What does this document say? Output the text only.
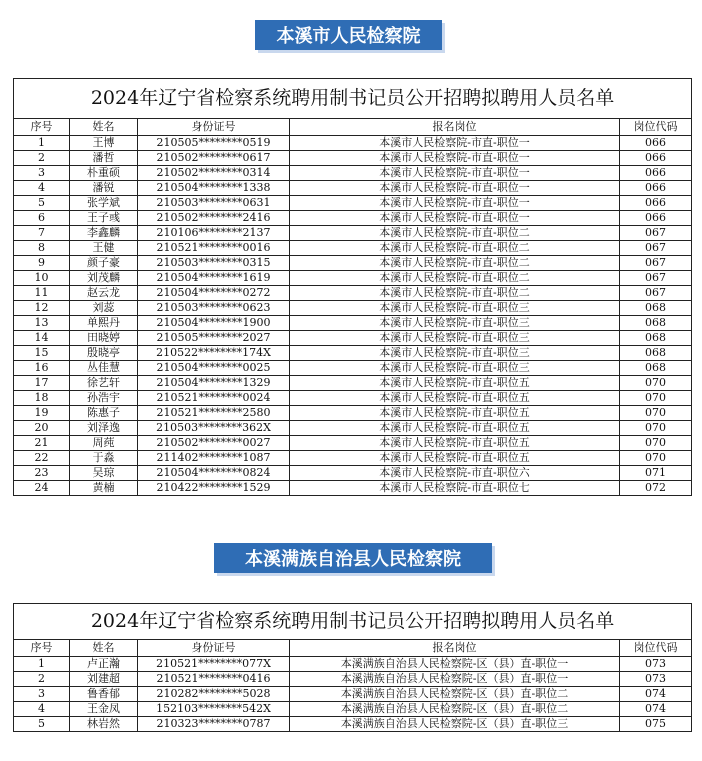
本溪市人民检察院
2024年辽宁省检察系统聘用制书记员公开招聘拟聘用人员名单				
序号	姓名	身份证号	报名岗位	岗位代码
1	王博	210505********0519	本溪市人民检察院-市直-职位一	066
2	潘哲	210502********0617	本溪市人民检察院-市直-职位一	066
3	朴重硕	210502********0314	本溪市人民检察院-市直-职位一	066
4	潘锐	210504********1338	本溪市人民检察院-市直-职位一	066
5	张学斌	210503********0631	本溪市人民检察院-市直-职位一	066
6	王子彧	210502********2416	本溪市人民检察院-市直-职位一	066
7	李鑫麟	210106********2137	本溪市人民检察院-市直-职位二	067
8	王健	210521********0016	本溪市人民检察院-市直-职位二	067
9	颜子豪	210503********0315	本溪市人民检察院-市直-职位二	067
10	刘茂麟	210504********1619	本溪市人民检察院-市直-职位二	067
11	赵云龙	210504********0272	本溪市人民检察院-市直-职位二	067
12	刘蕊	210503********0623	本溪市人民检察院-市直-职位三	068
13	单熙丹	210504********1900	本溪市人民检察院-市直-职位三	068
14	田晓婷	210505********2027	本溪市人民检察院-市直-职位三	068
15	殷晓亭	210522********174X	本溪市人民检察院-市直-职位三	068
16	丛佳慧	210504********0025	本溪市人民检察院-市直-职位三	068
17	徐艺轩	210504********1329	本溪市人民检察院-市直-职位五	070
18	孙浩宇	210521********0024	本溪市人民检察院-市直-职位五	070
19	陈惠子	210521********2580	本溪市人民检察院-市直-职位五	070
20	刘泽逸	210503********362X	本溪市人民检察院-市直-职位五	070
21	周莼	210502********0027	本溪市人民检察院-市直-职位五	070
22	于淼	211402********1087	本溪市人民检察院-市直-职位五	070
23	吴琼	210504********0824	本溪市人民检察院-市直-职位六	071
24	黄楠	210422********1529	本溪市人民检察院-市直-职位七	072
本溪满族自治县人民检察院
2024年辽宁省检察系统聘用制书记员公开招聘拟聘用人员名单				
序号	姓名	身份证号	报名岗位	岗位代码
1	卢正瀚	210521********077X	本溪满族自治县人民检察院-区（县）直-职位一	073
2	刘建超	210521********0416	本溪满族自治县人民检察院-区（县）直-职位一	073
3	鲁香郁	210282********5028	本溪满族自治县人民检察院-区（县）直-职位二	074
4	王金凤	152103********542X	本溪满族自治县人民检察院-区（县）直-职位二	074
5	林岩然	210323********0787	本溪满族自治县人民检察院-区（县）直-职位三	075
